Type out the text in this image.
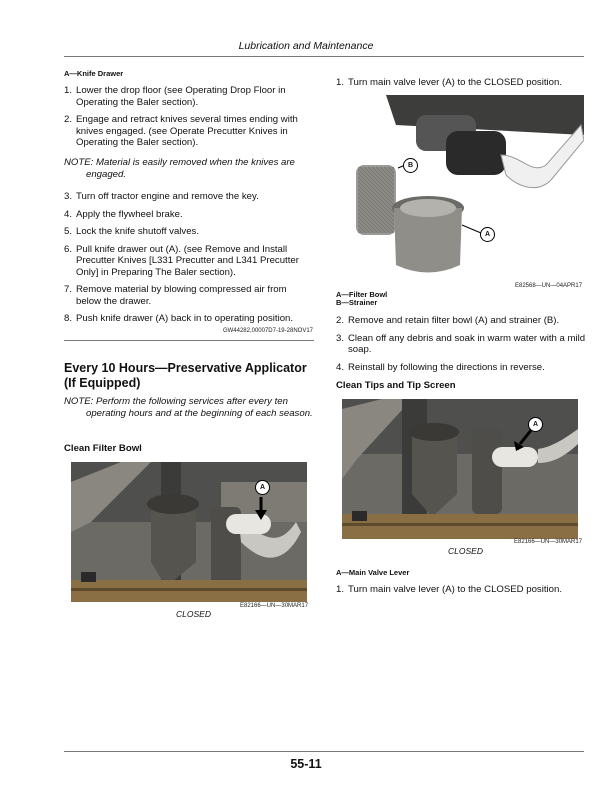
Lubrication and Maintenance
A—Knife Drawer
1. Lower the drop floor (see Operating Drop Floor in Operating the Baler section).
2. Engage and retract knives several times ending with knives engaged. (see Operate Precutter Knives in Operating the Baler section).
NOTE: Material is easily removed when the knives are
engaged.
3. Turn off tractor engine and remove the key.
4. Apply the flywheel brake.
5. Lock the knife shutoff valves.
6. Pull knife drawer out (A). (see Remove and Install Precutter Knives [L331 Precutter and L341 Precutter Only] in Preparing The Baler section).
7. Remove material by blowing compressed air from below the drawer.
8. Push knife drawer (A) back in to operating position.
GW44282,00007D7-19-28NOV17
Every 10 Hours—Preservative Applicator (If Equipped)
NOTE: Perform the following services after every ten
operating hours and at the beginning of each season.
Clean Filter Bowl
A
E82166—UN—30MAR17
CLOSED
1. Turn main valve lever (A) to the CLOSED position.
B
A
E82568—UN—04APR17
A—Filter Bowl
B—Strainer
2. Remove and retain filter bowl (A) and strainer (B).
3. Clean off any debris and soak in warm water with a mild soap.
4. Reinstall by following the directions in reverse.
Clean Tips and Tip Screen
A
E82166—UN—30MAR17
CLOSED
A—Main Valve Lever
1. Turn main valve lever (A) to the CLOSED position.
55-11
